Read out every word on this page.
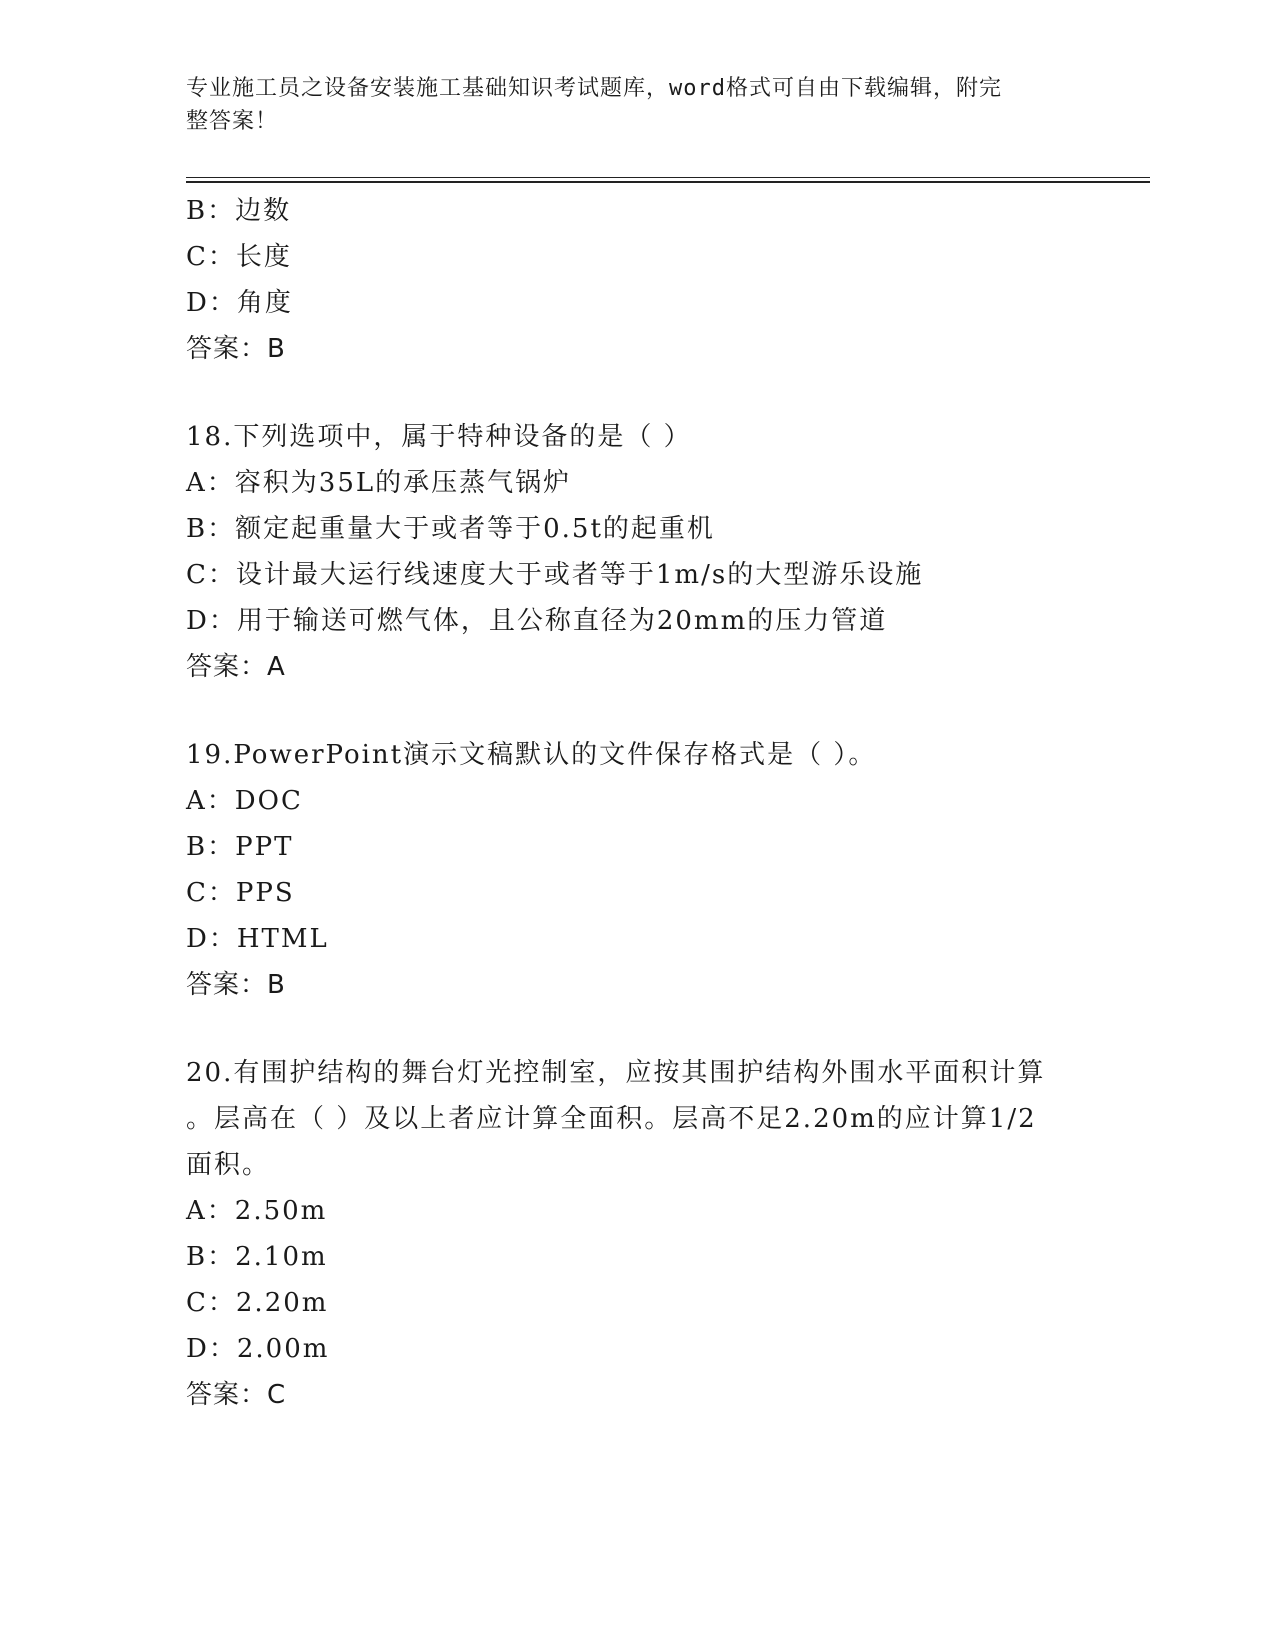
专业施工员之设备安装施工基础知识考试题库，word格式可自由下载编辑，附完
整答案！
B：边数
C：长度
D：角度
答案：B
18.下列选项中，属于特种设备的是（ ）
A：容积为35L的承压蒸气锅炉
B：额定起重量大于或者等于0.5t的起重机
C：设计最大运行线速度大于或者等于1m/s的大型游乐设施
D：用于输送可燃气体，且公称直径为20mm的压力管道
答案：A
19.PowerPoint演示文稿默认的文件保存格式是（ ）。
A：DOC
B：PPT
C：PPS
D：HTML
答案：B
20.有围护结构的舞台灯光控制室，应按其围护结构外围水平面积计算
。层高在（ ）及以上者应计算全面积。层高不足2.20m的应计算1/2
面积。
A：2.50m
B：2.10m
C：2.20m
D：2.00m
答案：C
